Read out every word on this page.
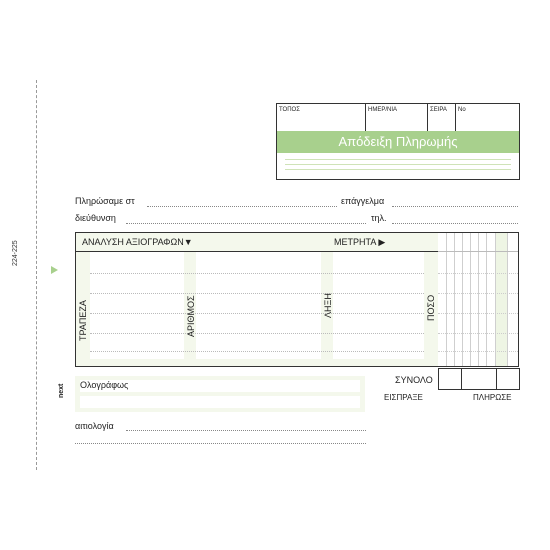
224-225
next
ΤΟΠΟΣ	ΗΜΕΡ/ΝΙΑ	ΣΕΙΡΑ	No
Απόδειξη Πληρωμής
Πληρώσαμε στ	επάγγελμα
διεύθυνση	τηλ.
ΑΝΑΛΥΣΗ ΑΞΙΟΓΡΑΦΩΝ▼	ΜΕΤΡΗΤΑ ▶
ΤΡΑΠΕΖΑ	ΑΡΙΘΜΟΣ	ΛΗΞΗ	ΠΟΣΟ
ΣΥΝΟΛΟ
ΕΙΣΠΡΑΞΕ	ΠΛΗΡΩΣΕ
Ολογράφως
αιτιολογία
